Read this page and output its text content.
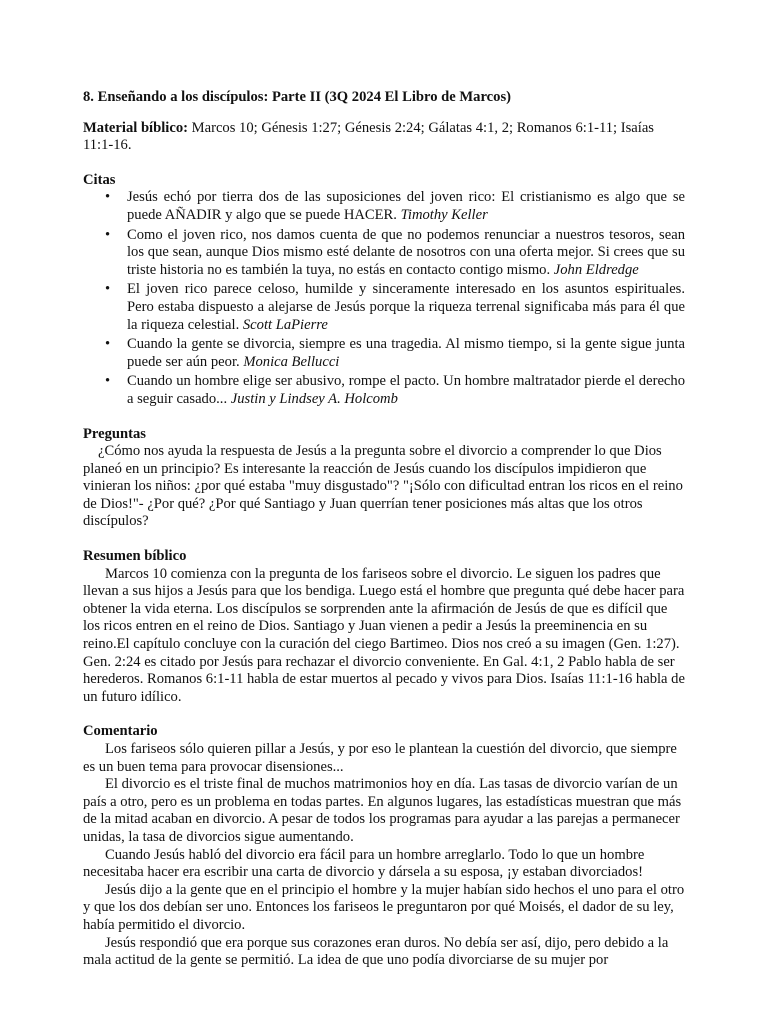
8. Enseñando a los discípulos: Parte II (3Q 2024 El Libro de Marcos)

Material bíblico: Marcos 10; Génesis 1:27; Génesis 2:24; Gálatas 4:1, 2; Romanos 6:1-11; Isaías 11:1-16.

Citas
• Jesús echó por tierra dos de las suposiciones del joven rico: El cristianismo es algo que se puede AÑADIR y algo que se puede HACER. Timothy Keller
• Como el joven rico, nos damos cuenta de que no podemos renunciar a nuestros tesoros, sean los que sean, aunque Dios mismo esté delante de nosotros con una oferta mejor. Si crees que su triste historia no es también la tuya, no estás en contacto contigo mismo. John Eldredge
• El joven rico parece celoso, humilde y sinceramente interesado en los asuntos espirituales. Pero estaba dispuesto a alejarse de Jesús porque la riqueza terrenal significaba más para él que la riqueza celestial. Scott LaPierre
• Cuando la gente se divorcia, siempre es una tragedia. Al mismo tiempo, si la gente sigue junta puede ser aún peor. Monica Bellucci
• Cuando un hombre elige ser abusivo, rompe el pacto. Un hombre maltratador pierde el derecho a seguir casado... Justin y Lindsey A. Holcomb
Preguntas

¿Cómo nos ayuda la respuesta de Jesús a la pregunta sobre el divorcio a comprender lo que Dios planeó en un principio? Es interesante la reacción de Jesús cuando los discípulos impidieron que vinieran los niños: ¿por qué estaba "muy disgustado"? "¡Sólo con dificultad entran los ricos en el reino de Dios!"- ¿Por qué? ¿Por qué Santiago y Juan querrían tener posiciones más altas que los otros discípulos?

Resumen bíblico

Marcos 10 comienza con la pregunta de los fariseos sobre el divorcio. Le siguen los padres que llevan a sus hijos a Jesús para que los bendiga. Luego está el hombre que pregunta qué debe hacer para obtener la vida eterna. Los discípulos se sorprenden ante la afirmación de Jesús de que es difícil que los ricos entren en el reino de Dios. Santiago y Juan vienen a pedir a Jesús la preeminencia en su reino.El capítulo concluye con la curación del ciego Bartimeo. Dios nos creó a su imagen (Gen. 1:27). Gen. 2:24 es citado por Jesús para rechazar el divorcio conveniente. En Gal. 4:1, 2 Pablo habla de ser herederos. Romanos 6:1-11 habla de estar muertos al pecado y vivos para Dios. Isaías 11:1-16 habla de un futuro idílico.

Comentario

Los fariseos sólo quieren pillar a Jesús, y por eso le plantean la cuestión del divorcio, que siempre es un buen tema para provocar disensiones...

El divorcio es el triste final de muchos matrimonios hoy en día. Las tasas de divorcio varían de un país a otro, pero es un problema en todas partes. En algunos lugares, las estadísticas muestran que más de la mitad acaban en divorcio. A pesar de todos los programas para ayudar a las parejas a permanecer unidas, la tasa de divorcios sigue aumentando.

Cuando Jesús habló del divorcio era fácil para un hombre arreglarlo. Todo lo que un hombre necesitaba hacer era escribir una carta de divorcio y dársela a su esposa, ¡y estaban divorciados!

Jesús dijo a la gente que en el principio el hombre y la mujer habían sido hechos el uno para el otro y que los dos debían ser uno. Entonces los fariseos le preguntaron por qué Moisés, el dador de su ley, había permitido el divorcio.

Jesús respondió que era porque sus corazones eran duros. No debía ser así, dijo, pero debido a la mala actitud de la gente se permitió. La idea de que uno podía divorciarse de su mujer por
